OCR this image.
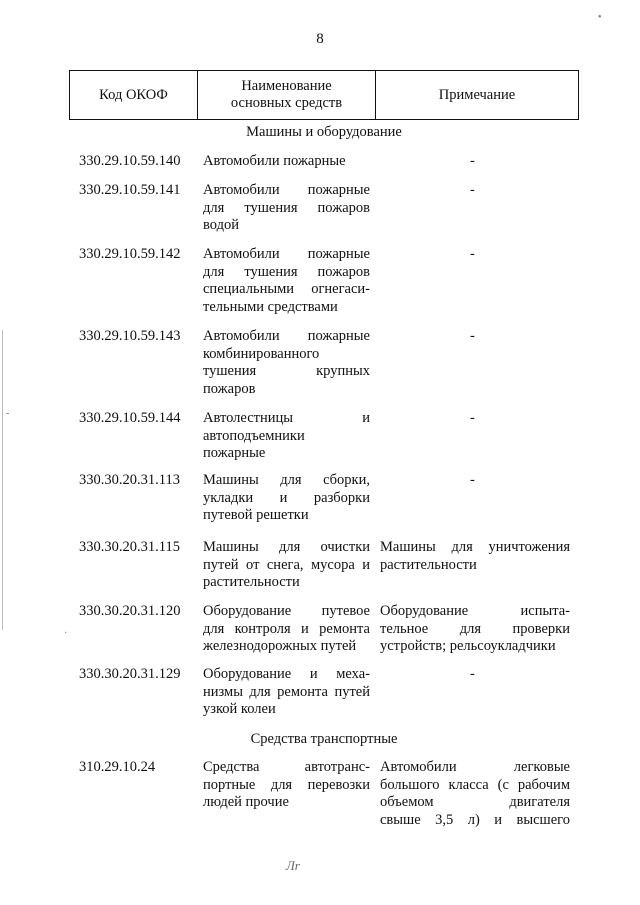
8
Код ОКОФ
Наименование
основных средств
Примечание
Машины и оборудование
Средства транспортные
330.29.10.59.140 Автомобили пожарные	-
330.29.10.59.141 Автомобили пожарные
для тушения пожаров
водой
-
330.29.10.59.142 Автомобили пожарные
для тушения пожаров
специальными огнегаси-
тельными средствами
-
330.29.10.59.143 Автомобили пожарные
комбинированного
тушения крупных
пожаров
-
330.29.10.59.144 Автолестницы и
автоподъемники
пожарные
-
330.30.20.31.113 Машины для сборки,
укладки и разборки
путевой решетки
-
330.30.20.31.115 Машины для очистки
путей от снега, мусора и
растительности
Машины для уничтожения
растительности
330.30.20.31.120 Оборудование путевое
для контроля и ремонта
железнодорожных путей
Оборудование испыта-
тельное для проверки
устройств; рельсоукладчики
330.30.20.31.129 Оборудование и меха-
низмы для ремонта путей
узкой колеи
-
310.29.10.24	Средства автотранс-
портные для перевозки
людей прочие
Автомобили легковые
большого класса (с рабочим
объемом двигателя
свыше 3,5 л) и высшего
•
-
·
Лr
